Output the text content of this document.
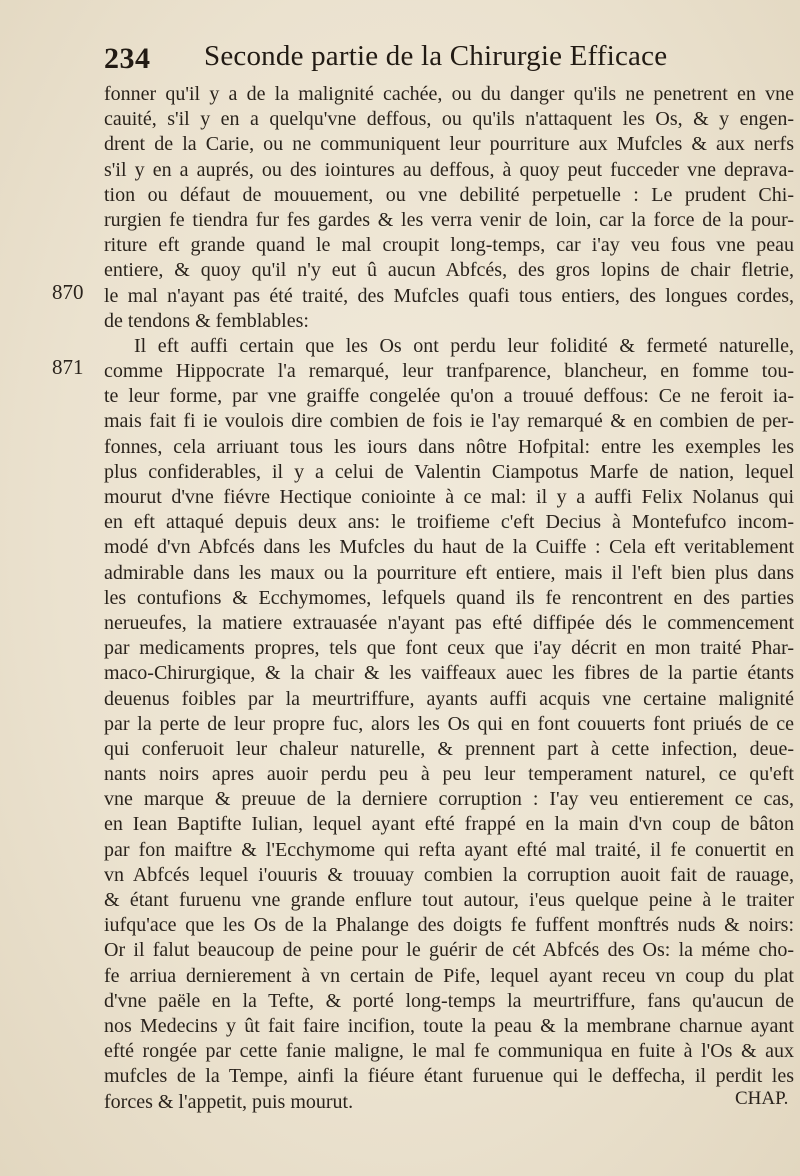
234 Seconde partie de la Chirurgie Efficace
870
871
fonner qu'il y a de la malignité cachée, ou du danger qu'ils ne penetrent en vne
cauité, s'il y en a quelqu'vne deffous, ou qu'ils n'attaquent les Os, & y engen-
drent de la Carie, ou ne communiquent leur pourriture aux Mufcles & aux nerfs
s'il y en a auprés, ou des iointures au deffous, à quoy peut fucceder vne deprava-
tion ou défaut de mouuement, ou vne debilité perpetuelle : Le prudent Chi-
rurgien fe tiendra fur fes gardes & les verra venir de loin, car la force de la pour-
riture eft grande quand le mal croupit long-temps, car i'ay veu fous vne peau
entiere, & quoy qu'il n'y eut û aucun Abfcés, des gros lopins de chair fletrie,
le mal n'ayant pas été traité, des Mufcles quafi tous entiers, des longues cordes,
de tendons & femblables:
Il eft auffi certain que les Os ont perdu leur folidité & fermeté naturelle,
comme Hippocrate l'a remarqué, leur tranfparence, blancheur, en fomme tou-
te leur forme, par vne graiffe congelée qu'on a trouué deffous: Ce ne feroit ia-
mais fait fi ie voulois dire combien de fois ie l'ay remarqué & en combien de per-
fonnes, cela arriuant tous les iours dans nôtre Hofpital: entre les exemples les
plus confiderables, il y a celui de Valentin Ciampotus Marfe de nation, lequel
mourut d'vne fiévre Hectique coniointe à ce mal: il y a auffi Felix Nolanus qui
en eft attaqué depuis deux ans: le troifieme c'eft Decius à Montefufco incom-
modé d'vn Abfcés dans les Mufcles du haut de la Cuiffe : Cela eft veritablement
admirable dans les maux ou la pourriture eft entiere, mais il l'eft bien plus dans
les contufions & Ecchymomes, lefquels quand ils fe rencontrent en des parties
nerueufes, la matiere extrauasée n'ayant pas efté diffipée dés le commencement
par medicaments propres, tels que font ceux que i'ay décrit en mon traité Phar-
maco-Chirurgique, & la chair & les vaiffeaux auec les fibres de la partie étants
deuenus foibles par la meurtriffure, ayants auffi acquis vne certaine malignité
par la perte de leur propre fuc, alors les Os qui en font couuerts font priués de ce
qui conferuoit leur chaleur naturelle, & prennent part à cette infection, deue-
nants noirs apres auoir perdu peu à peu leur temperament naturel, ce qu'eft
vne marque & preuue de la derniere corruption : I'ay veu entierement ce cas,
en Iean Baptifte Iulian, lequel ayant efté frappé en la main d'vn coup de bâton
par fon maiftre & l'Ecchymome qui refta ayant efté mal traité, il fe conuertit en
vn Abfcés lequel i'ouuris & trouuay combien la corruption auoit fait de rauage,
& étant furuenu vne grande enflure tout autour, i'eus quelque peine à le traiter
iufqu'ace que les Os de la Phalange des doigts fe fuffent monftrés nuds & noirs:
Or il falut beaucoup de peine pour le guérir de cét Abfcés des Os: la méme cho-
fe arriua dernierement à vn certain de Pife, lequel ayant receu vn coup du plat
d'vne paële en la Tefte, & porté long-temps la meurtriffure, fans qu'aucun de
nos Medecins y ût fait faire incifion, toute la peau & la membrane charnue ayant
efté rongée par cette fanie maligne, le mal fe communiqua en fuite à l'Os & aux
mufcles de la Tempe, ainfi la fiéure étant furuenue qui le deffecha, il perdit les
forces & l'appetit, puis mourut.	CHAP.
